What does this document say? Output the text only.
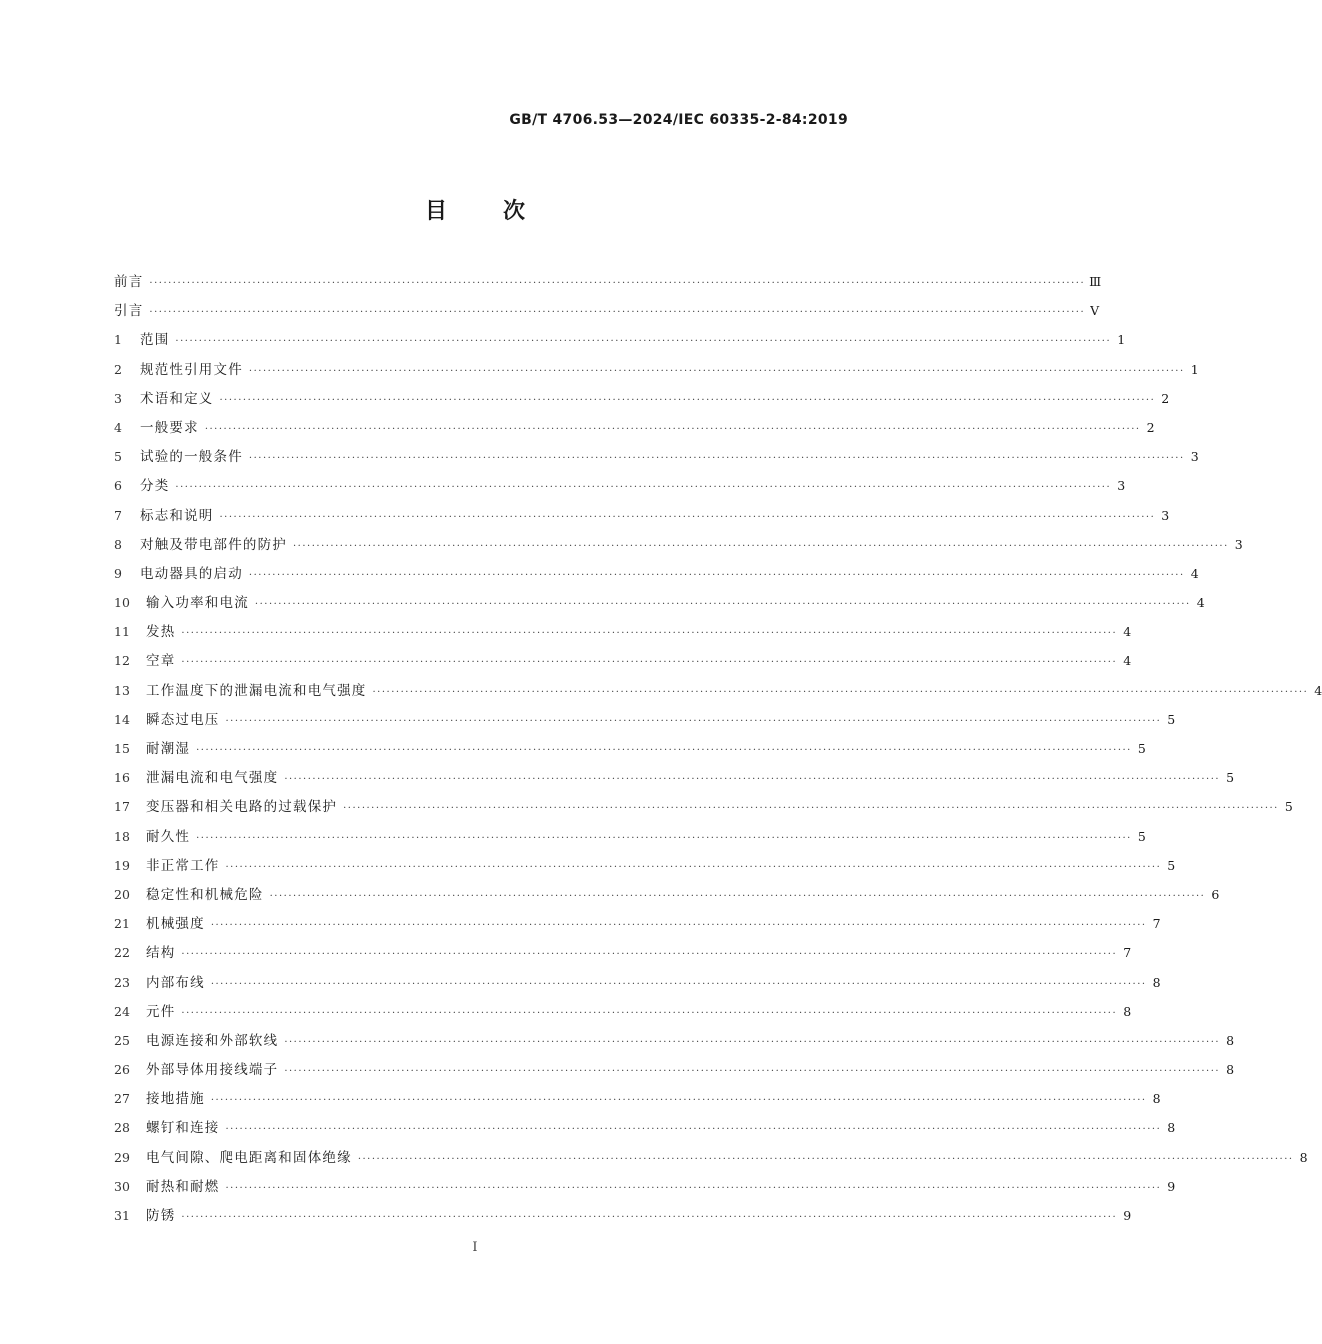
GB/T 4706.53—2024/IEC 60335-2-84:2019
目	次
前言 ········································································································································································································ Ⅲ
引言 ········································································································································································································ Ⅴ
1	范围 ········································································································································································································ 1
2	规范性引用文件 ········································································································································································································ 1
3	术语和定义 ········································································································································································································ 2
4	一般要求 ········································································································································································································ 2
5	试验的一般条件 ········································································································································································································ 3
6	分类 ········································································································································································································ 3
7	标志和说明 ········································································································································································································ 3
8	对触及带电部件的防护 ········································································································································································································ 3
9	电动器具的启动 ········································································································································································································ 4
10	输入功率和电流 ········································································································································································································ 4
11	发热 ········································································································································································································ 4
12	空章 ········································································································································································································ 4
13	工作温度下的泄漏电流和电气强度 ········································································································································································································ 4
14	瞬态过电压 ········································································································································································································ 5
15	耐潮湿 ········································································································································································································ 5
16	泄漏电流和电气强度 ········································································································································································································ 5
17	变压器和相关电路的过载保护 ········································································································································································································ 5
18	耐久性 ········································································································································································································ 5
19	非正常工作 ········································································································································································································ 5
20	稳定性和机械危险 ········································································································································································································ 6
21	机械强度 ········································································································································································································ 7
22	结构 ········································································································································································································ 7
23	内部布线 ········································································································································································································ 8
24	元件 ········································································································································································································ 8
25	电源连接和外部软线 ········································································································································································································ 8
26	外部导体用接线端子 ········································································································································································································ 8
27	接地措施 ········································································································································································································ 8
28	螺钉和连接 ········································································································································································································ 8
29	电气间隙、爬电距离和固体绝缘 ········································································································································································································ 8
30	耐热和耐燃 ········································································································································································································ 9
31	防锈 ········································································································································································································ 9
I
